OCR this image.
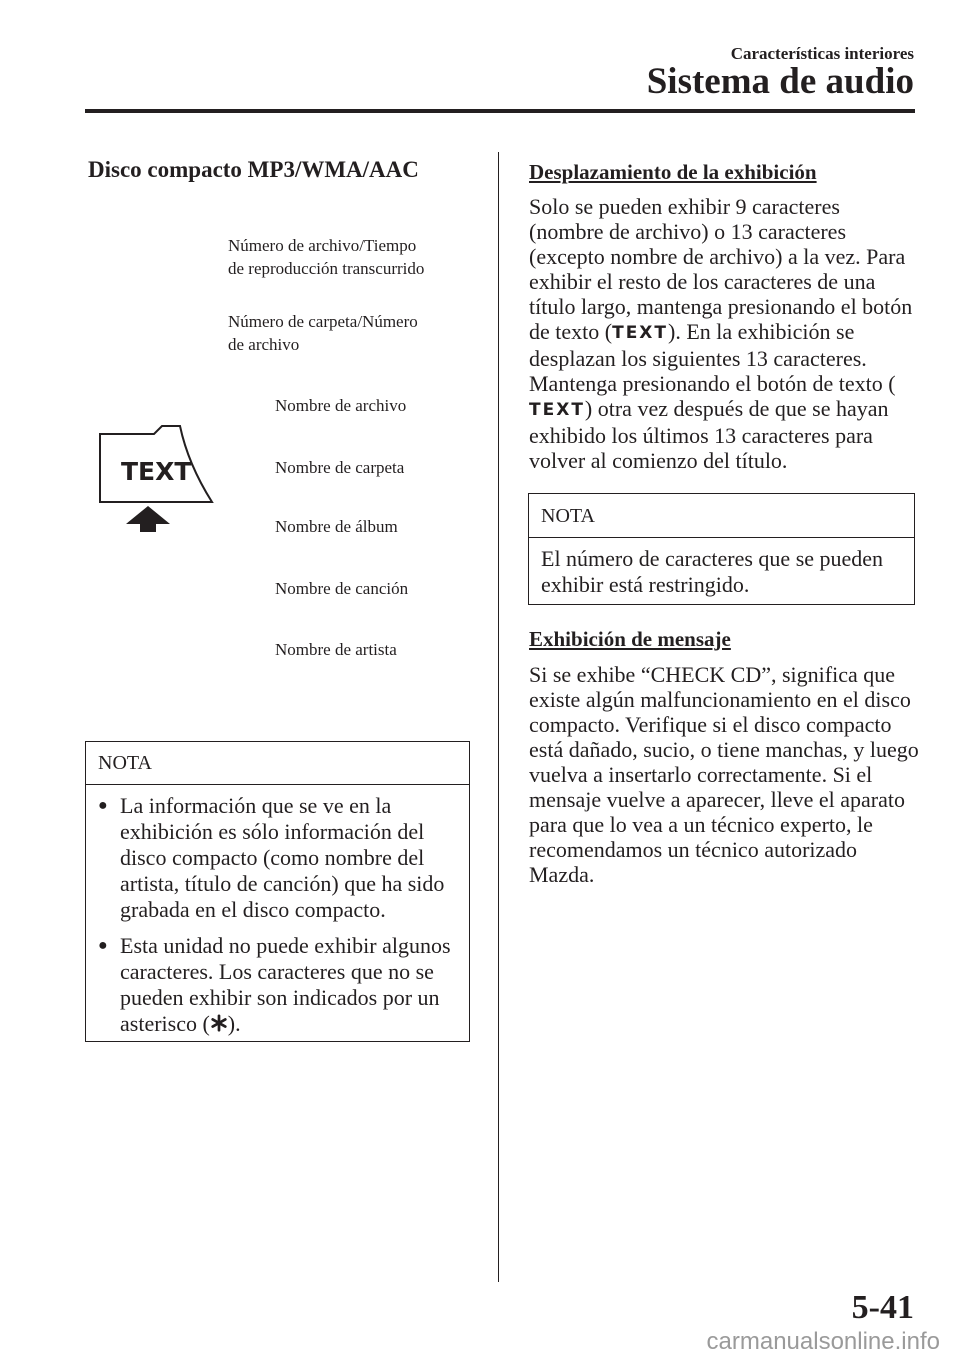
Características interiores
Sistema de audio
Disco compacto MP3/WMA/AAC
Número de archivo/Tiempo
de reproducción transcurrido
Número de carpeta/Número
de archivo
Nombre de archivo
Nombre de carpeta
Nombre de álbum
Nombre de canción
Nombre de artista
TEXT
NOTA
● La información que se ve en la exhibición es sólo información del disco compacto (como nombre del artista, título de canción) que ha sido grabada en el disco compacto.
● Esta unidad no puede exhibir algunos caracteres. Los caracteres que no se pueden exhibir son indicados por un asterisco ( ).
Desplazamiento de la exhibición
Solo se pueden exhibir 9 caracteres (nombre de archivo) o 13 caracteres (excepto nombre de archivo) a la vez. Para exhibir el resto de los caracteres de una título largo, mantenga presionando el botón de texto (TEXT). En la exhibición se desplazan los siguientes 13 caracteres. Mantenga presionando el botón de texto (TEXT) otra vez después de que se hayan exhibido los últimos 13 caracteres para volver al comienzo del título.
NOTA
El número de caracteres que se pueden exhibir está restringido.
Exhibición de mensaje
Si se exhibe “CHECK CD”, significa que existe algún malfuncionamiento en el disco compacto. Verifique si el disco compacto está dañado, sucio, o tiene manchas, y luego vuelva a insertarlo correctamente. Si el mensaje vuelve a aparecer, lleve el aparato para que lo vea a un técnico experto, le recomendamos un técnico autorizado Mazda.
5-41
carmanualsonline.info
